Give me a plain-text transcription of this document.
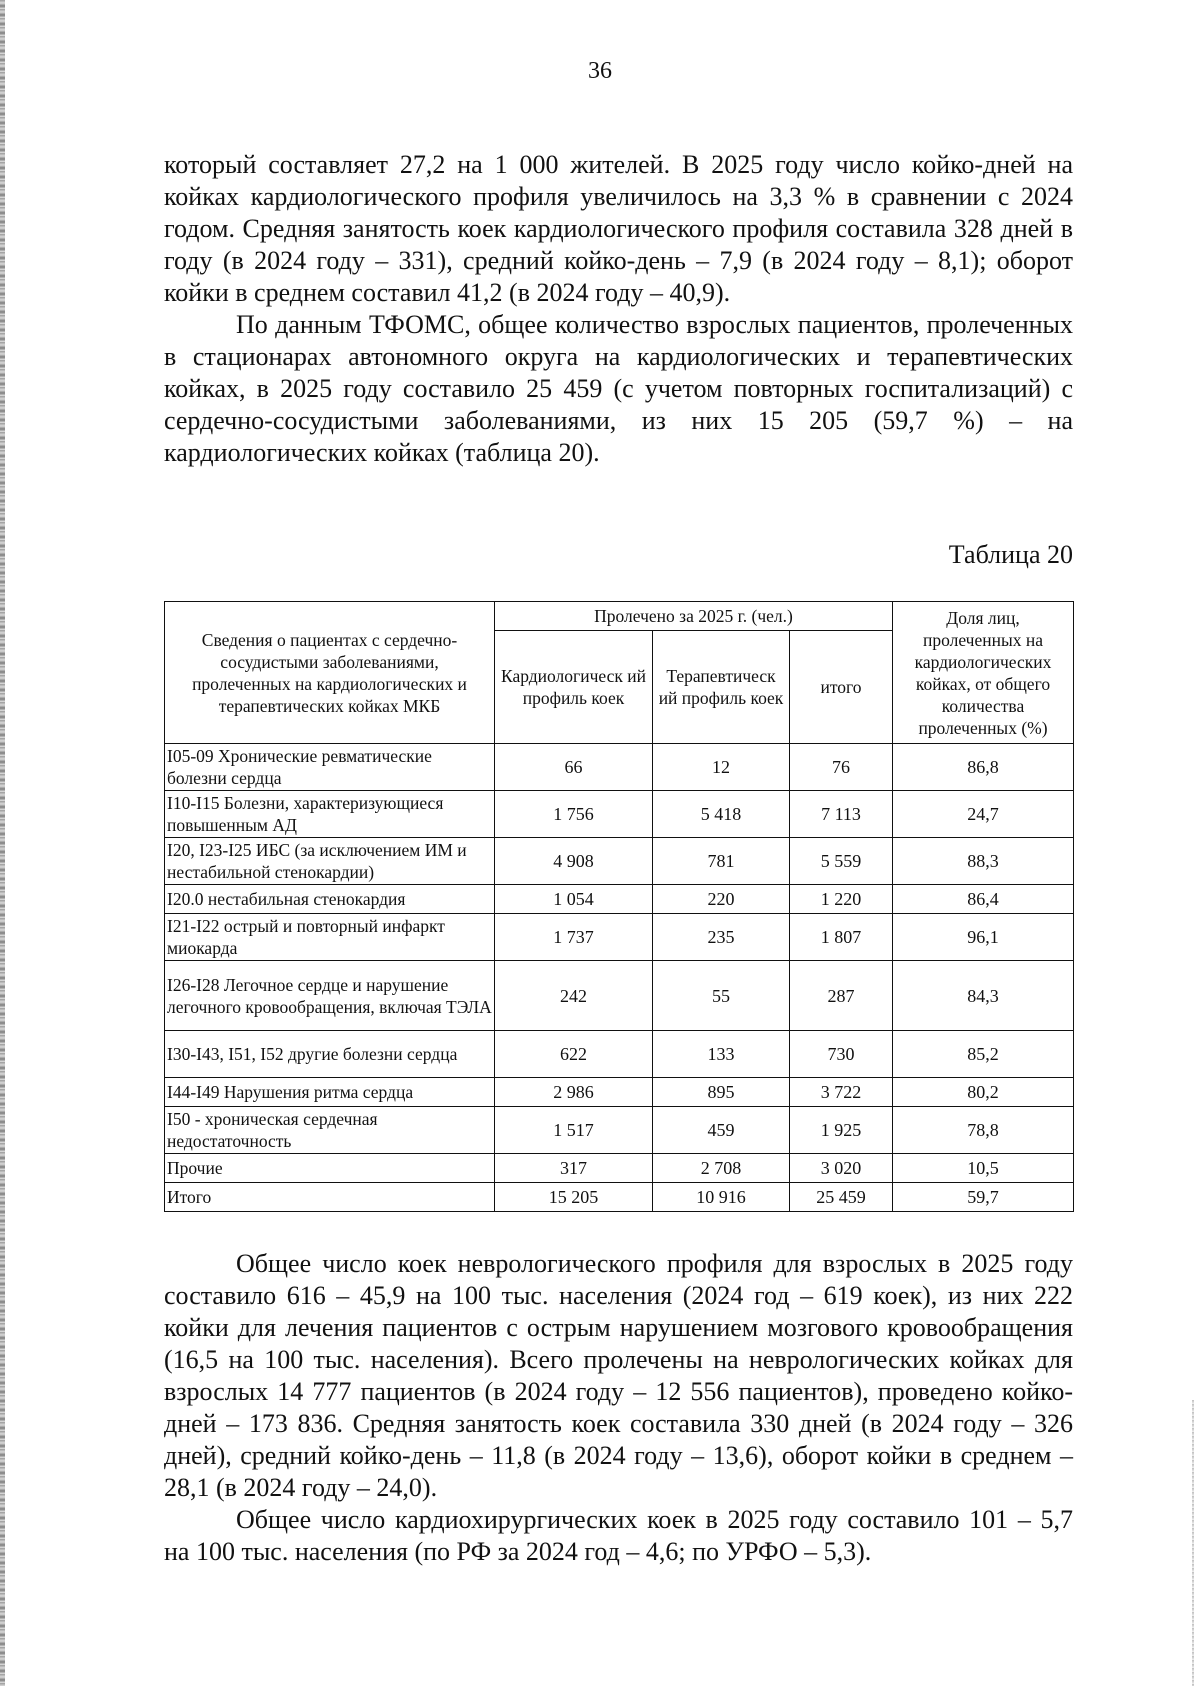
36

который составляет 27,2 на 1 000 жителей. В 2025 году число койко-дней на койках кардиологического профиля увеличилось на 3,3 % в сравнении с 2024 годом. Средняя занятость коек кардиологического профиля составила 328 дней в году (в 2024 году – 331), средний койко-день – 7,9 (в 2024 году – 8,1); оборот койки в среднем составил 41,2 (в 2024 году – 40,9).

По данным ТФОМС, общее количество взрослых пациентов, пролеченных в стационарах автономного округа на кардиологических и терапевтических койках, в 2025 году составило 25 459 (с учетом повторных госпитализаций) с сердечно-сосудистыми заболеваниями, из них 15 205 (59,7 %) – на кардиологических койках (таблица 20).

Таблица 20
Сведения о пациентах с сердечно-сосудистыми заболеваниями, пролеченных на кардиологических и терапевтических койках МКБ	Пролечено за 2025 г. (чел.)			Доля лиц, пролеченных на кардиологических койках, от общего количества пролеченных (%)
	Кардиологическ ий профиль коек	Терапевтическ ий профиль коек	итого	
I05-09 Хронические ревматические болезни сердца	66	12	76	86,8
I10-I15 Болезни, характеризующиеся повышенным АД	1 756	5 418	7 113	24,7
I20, I23-I25 ИБС (за исключением ИМ и нестабильной стенокардии)	4 908	781	5 559	88,3
I20.0 нестабильная стенокардия	1 054	220	1 220	86,4
I21-I22 острый и повторный инфаркт миокарда	1 737	235	1 807	96,1
I26-I28 Легочное сердце и нарушение легочного кровообращения, включая ТЭЛА	242	55	287	84,3
I30-I43, I51, I52 другие болезни сердца	622	133	730	85,2
I44-I49 Нарушения ритма сердца	2 986	895	3 722	80,2
I50 - хроническая сердечная недостаточность	1 517	459	1 925	78,8
Прочие	317	2 708	3 020	10,5
Итого	15 205	10 916	25 459	59,7

Общее число коек неврологического профиля для взрослых в 2025 году составило 616 – 45,9 на 100 тыс. населения (2024 год – 619 коек), из них 222 койки для лечения пациентов с острым нарушением мозгового кровообращения (16,5 на 100 тыс. населения). Всего пролечены на неврологических койках для взрослых 14 777 пациентов (в 2024 году – 12 556 пациентов), проведено койко-дней – 173 836. Средняя занятость коек составила 330 дней (в 2024 году – 326 дней), средний койко-день – 11,8 (в 2024 году – 13,6), оборот койки в среднем – 28,1 (в 2024 году – 24,0).

Общее число кардиохирургических коек в 2025 году составило 101 – 5,7 на 100 тыс. населения (по РФ за 2024 год – 4,6; по УРФО – 5,3).
